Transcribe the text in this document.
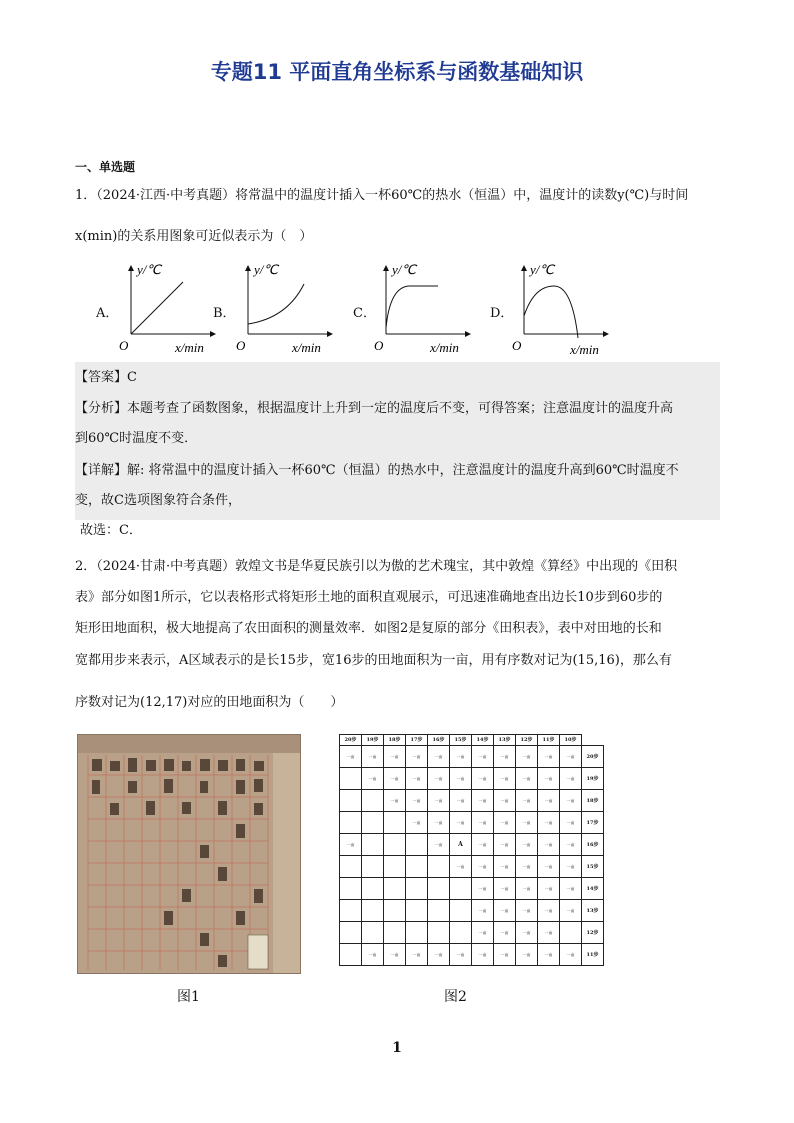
专题11 平面直角坐标系与函数基础知识
一、单选题
1．（2024·江西·中考真题）将常温中的温度计插入一杯60℃的热水（恒温）中，温度计的读数y(℃)与时间
x(min)的关系用图象可近似表示为（　）
A．	B．	C．	D．
y/℃
O	x/min
y/℃
O	x/min
y/℃
O	x/min
y/℃
O	x/min
【答案】C
【分析】本题考查了函数图象，根据温度计上升到一定的温度后不变，可得答案；注意温度计的温度升高
到60℃时温度不变．
【详解】解: 将常温中的温度计插入一杯60℃（恒温）的热水中，注意温度计的温度升高到60℃时温度不
变，故C选项图象符合条件，
故选：C．
2．（2024·甘肃·中考真题）敦煌文书是华夏民族引以为傲的艺术瑰宝，其中敦煌《算经》中出现的《田积
表》部分如图1所示，它以表格形式将矩形土地的面积直观展示，可迅速准确地查出边长10步到60步的
矩形田地面积，极大地提高了农田面积的测量效率．如图2是复原的部分《田积表》，表中对田地的长和
宽都用步来表示，A区域表示的是长15步，宽16步的田地面积为一亩，用有序数对记为(15,16)，那么有
序数对记为(12,17)对应的田地面积为（　　）
20步	19步	18步	17步	16步	15步	14步	13步	12步	11步	10步	
一亩	一亩	一亩	一亩	一亩	一亩	一亩	一亩	一亩	一亩	一亩	20步
	一亩	一亩	一亩	一亩	一亩	一亩	一亩	一亩	一亩	一亩	19步
		一亩	一亩	一亩	一亩	一亩	一亩	一亩	一亩	一亩	18步
			一亩	一亩	一亩	一亩	一亩	一亩	一亩	一亩	17步
一亩				一亩	A	一亩	一亩	一亩	一亩	一亩	16步
					一亩	一亩	一亩	一亩	一亩	一亩	15步
						一亩	一亩	一亩	一亩	一亩	14步
						一亩	一亩	一亩	一亩	一亩	13步
						一亩	一亩	一亩	一亩		12步
	一亩	一亩	一亩	一亩	一亩	一亩	一亩	一亩	一亩	一亩	11步
图1	图2
1
